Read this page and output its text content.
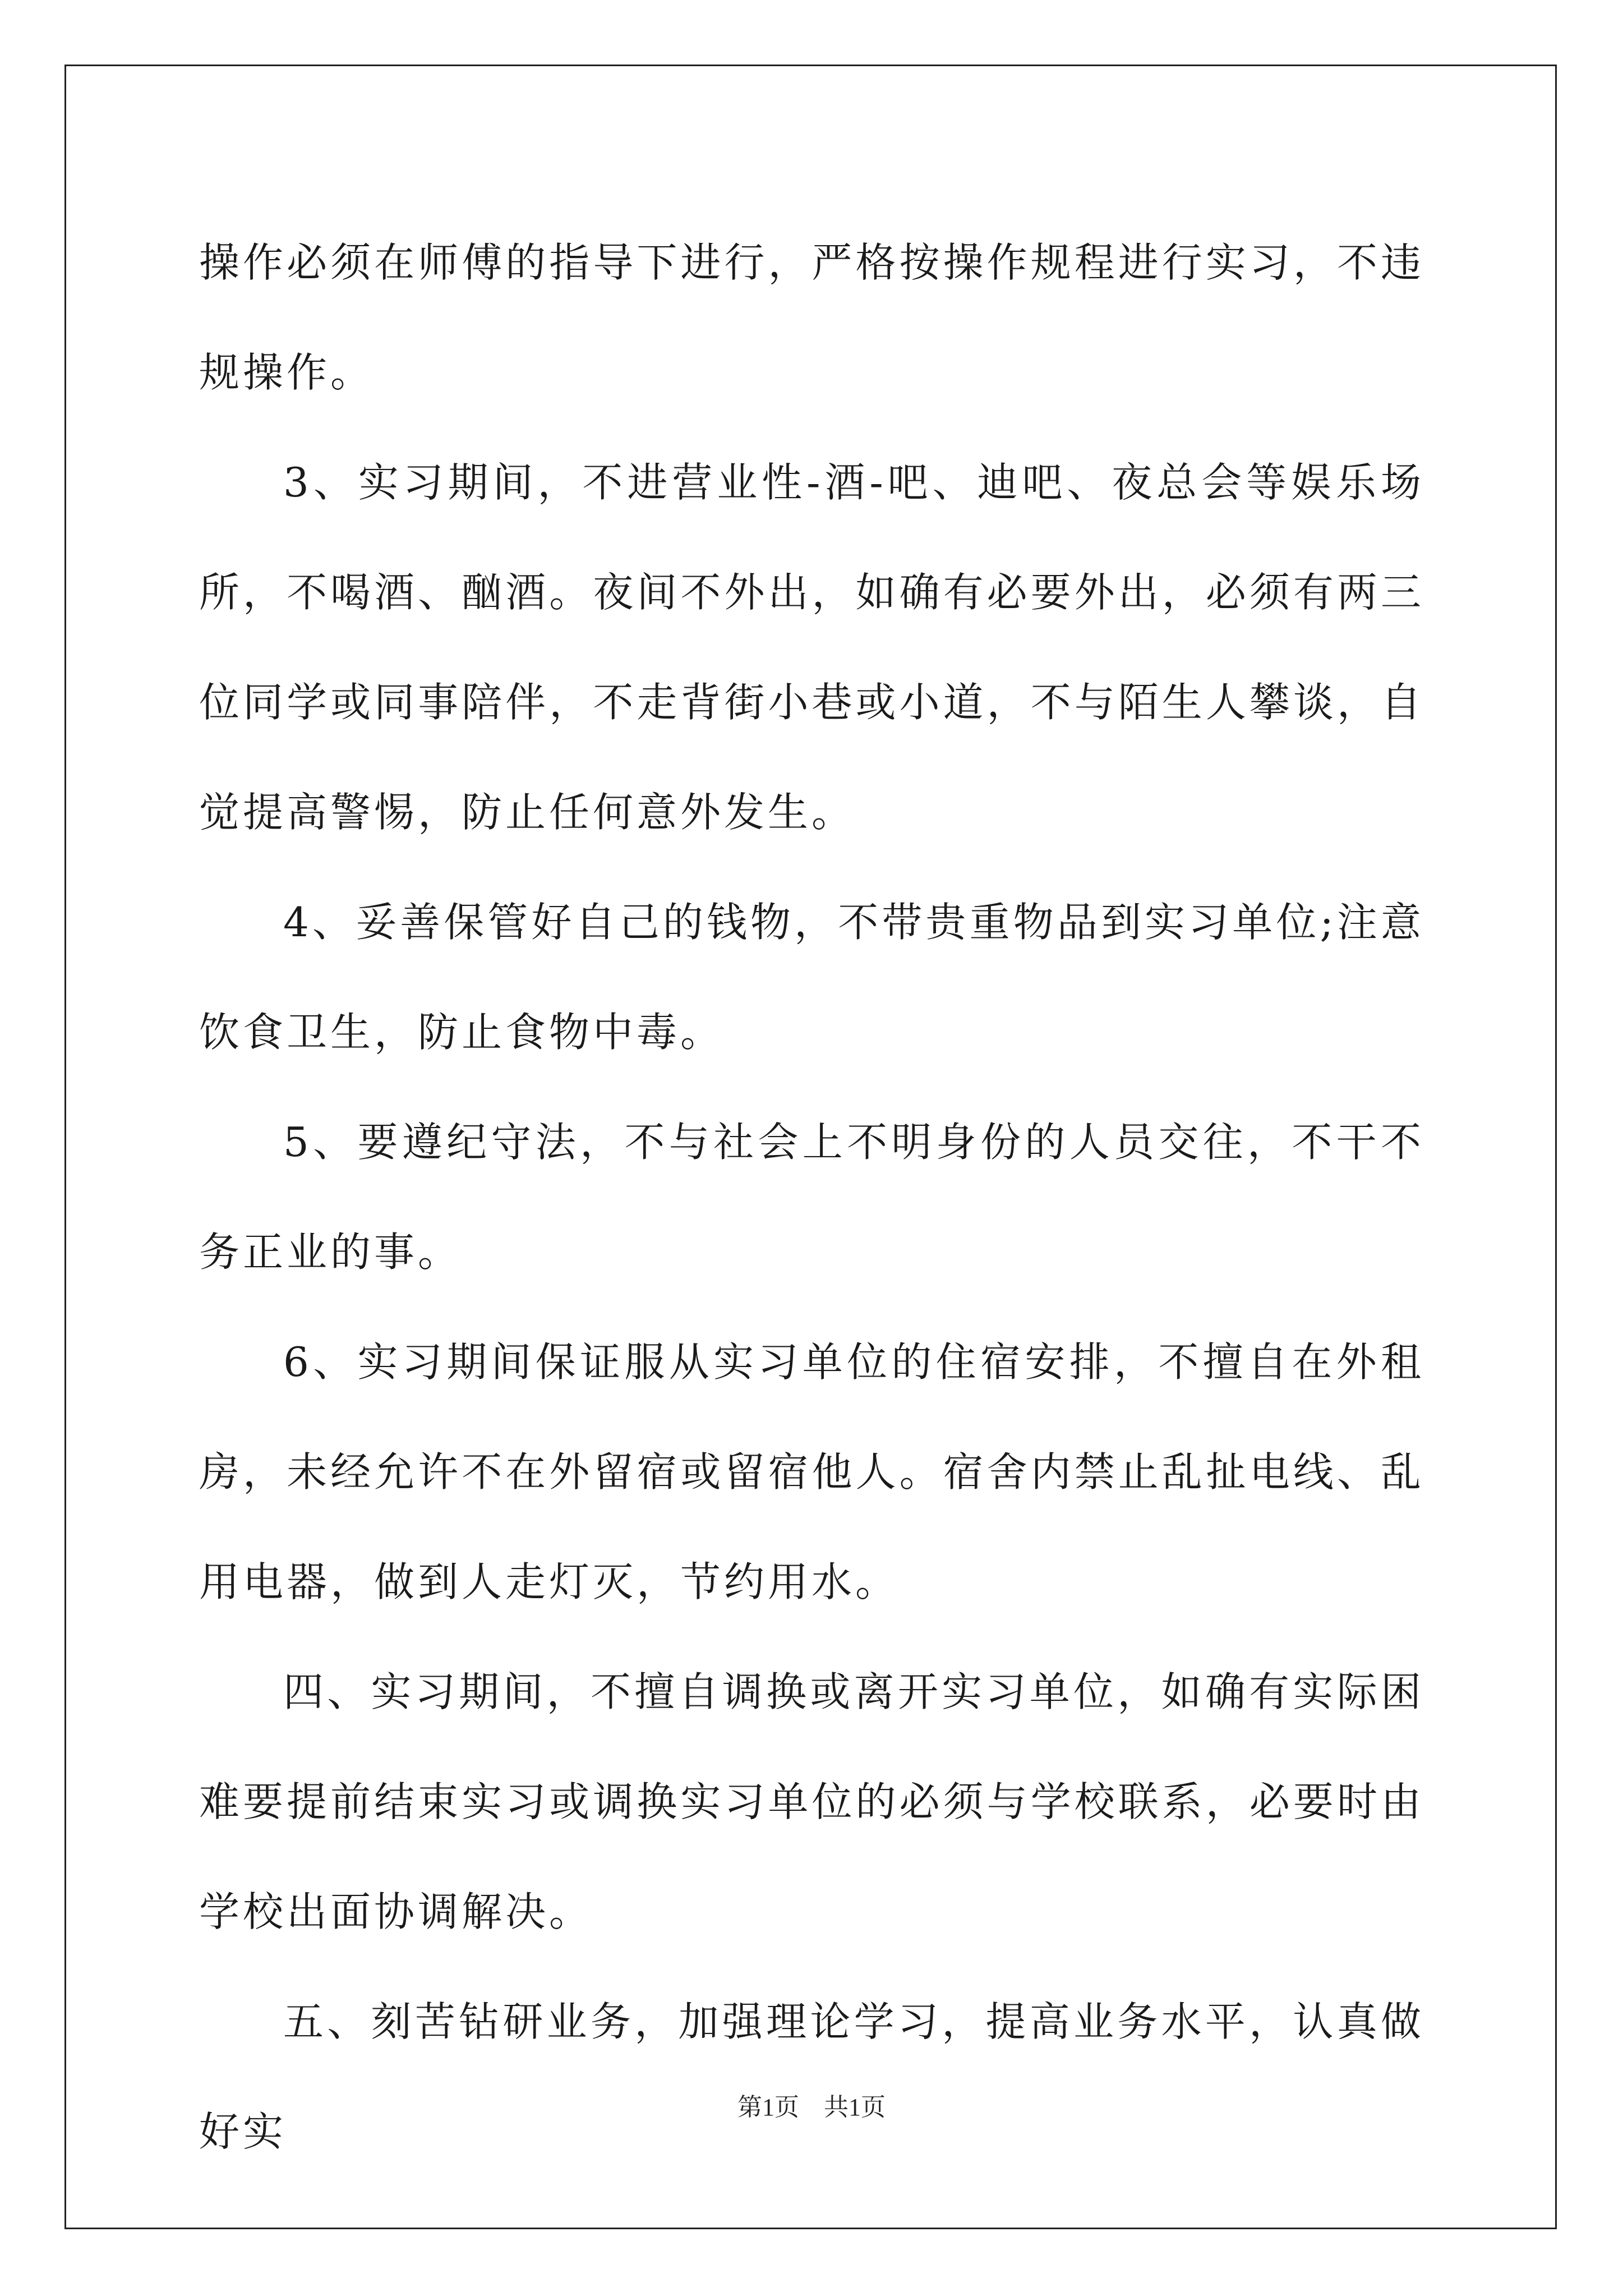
操作必须在师傅的指导下进行，严格按操作规程进行实习，不违规操作。

3、实习期间，不进营业性-酒-吧、迪吧、夜总会等娱乐场所，不喝酒、酗酒。夜间不外出，如确有必要外出，必须有两三位同学或同事陪伴，不走背街小巷或小道，不与陌生人攀谈，自觉提高警惕，防止任何意外发生。

4、妥善保管好自己的钱物，不带贵重物品到实习单位;注意饮食卫生，防止食物中毒。

5、要遵纪守法，不与社会上不明身份的人员交往，不干不务正业的事。

6、实习期间保证服从实习单位的住宿安排，不擅自在外租房，未经允许不在外留宿或留宿他人。宿舍内禁止乱扯电线、乱用电器，做到人走灯灭，节约用水。

四、实习期间，不擅自调换或离开实习单位，如确有实际困难要提前结束实习或调换实习单位的必须与学校联系，必要时由学校出面协调解决。

五、刻苦钻研业务，加强理论学习，提高业务水平，认真做好实

第1页　共1页
